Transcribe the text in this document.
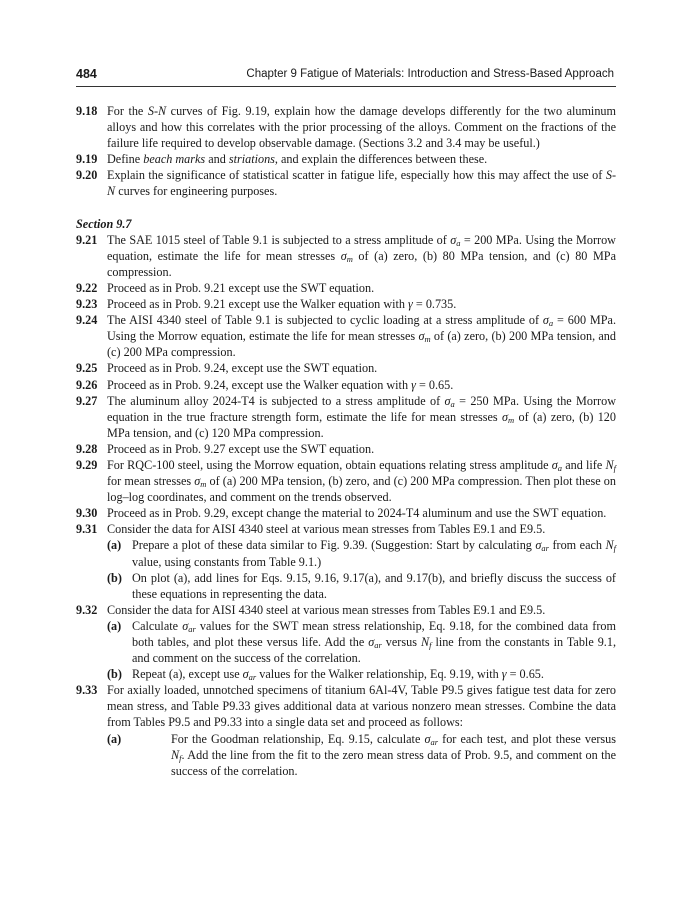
484	Chapter 9 Fatigue of Materials: Introduction and Stress-Based Approach
9.18 For the S-N curves of Fig. 9.19, explain how the damage develops differently for the two aluminum alloys and how this correlates with the prior processing of the alloys. Comment on the fractions of the failure life required to develop observable damage. (Sections 3.2 and 3.4 may be useful.)
9.19 Define beach marks and striations, and explain the differences between these.
9.20 Explain the significance of statistical scatter in fatigue life, especially how this may affect the use of S-N curves for engineering purposes.
Section 9.7
9.21 The SAE 1015 steel of Table 9.1 is subjected to a stress amplitude of $\sigma_a = 200$ MPa. Using the Morrow equation, estimate the life for mean stresses $\sigma_m$ of (a) zero, (b) 80 MPa tension, and (c) 80 MPa compression.
9.22 Proceed as in Prob. 9.21 except use the SWT equation.
9.23 Proceed as in Prob. 9.21 except use the Walker equation with γ = 0.735.
9.24 The AISI 4340 steel of Table 9.1 is subjected to cyclic loading at a stress amplitude of $\sigma_a = 600$ MPa. Using the Morrow equation, estimate the life for mean stresses $\sigma_m$ of (a) zero, (b) 200 MPa tension, and (c) 200 MPa compression.
9.25 Proceed as in Prob. 9.24, except use the SWT equation.
9.26 Proceed as in Prob. 9.24, except use the Walker equation with γ = 0.65.
9.27 The aluminum alloy 2024-T4 is subjected to a stress amplitude of $\sigma_a = 250$ MPa. Using the Morrow equation in the true fracture strength form, estimate the life for mean stresses $\sigma_m$ of (a) zero, (b) 120 MPa tension, and (c) 120 MPa compression.
9.28 Proceed as in Prob. 9.27 except use the SWT equation.
9.29 For RQC-100 steel, using the Morrow equation, obtain equations relating stress amplitude $\sigma_a$ and life $N_f$ for mean stresses $\sigma_m$ of (a) 200 MPa tension, (b) zero, and (c) 200 MPa compression. Then plot these on log–log coordinates, and comment on the trends observed.
9.30 Proceed as in Prob. 9.29, except change the material to 2024-T4 aluminum and use the SWT equation.
9.31 Consider the data for AISI 4340 steel at various mean stresses from Tables E9.1 and E9.5.
(a) Prepare a plot of these data similar to Fig. 9.39. (Suggestion: Start by calculating $\sigma_{ar}$ from each $N_f$ value, using constants from Table 9.1.)
(b) On plot (a), add lines for Eqs. 9.15, 9.16, 9.17(a), and 9.17(b), and briefly discuss the success of these equations in representing the data.
9.32 Consider the data for AISI 4340 steel at various mean stresses from Tables E9.1 and E9.5.
(a) Calculate $\sigma_{ar}$ values for the SWT mean stress relationship, Eq. 9.18, for the combined data from both tables, and plot these versus life. Add the $\sigma_{ar}$ versus $N_f$ line from the constants in Table 9.1, and comment on the success of the correlation.
(b) Repeat (a), except use $\sigma_{ar}$ values for the Walker relationship, Eq. 9.19, with γ = 0.65.
9.33 For axially loaded, unnotched specimens of titanium 6Al-4V, Table P9.5 gives fatigue test data for zero mean stress, and Table P9.33 gives additional data at various nonzero mean stresses. Combine the data from Tables P9.5 and P9.33 into a single data set and proceed as follows:
(a)	For the Goodman relationship, Eq. 9.15, calculate $\sigma_{ar}$ for each test, and plot these versus $N_f$. Add the line from the fit to the zero mean stress data of Prob. 9.5, and comment on the success of the correlation.
